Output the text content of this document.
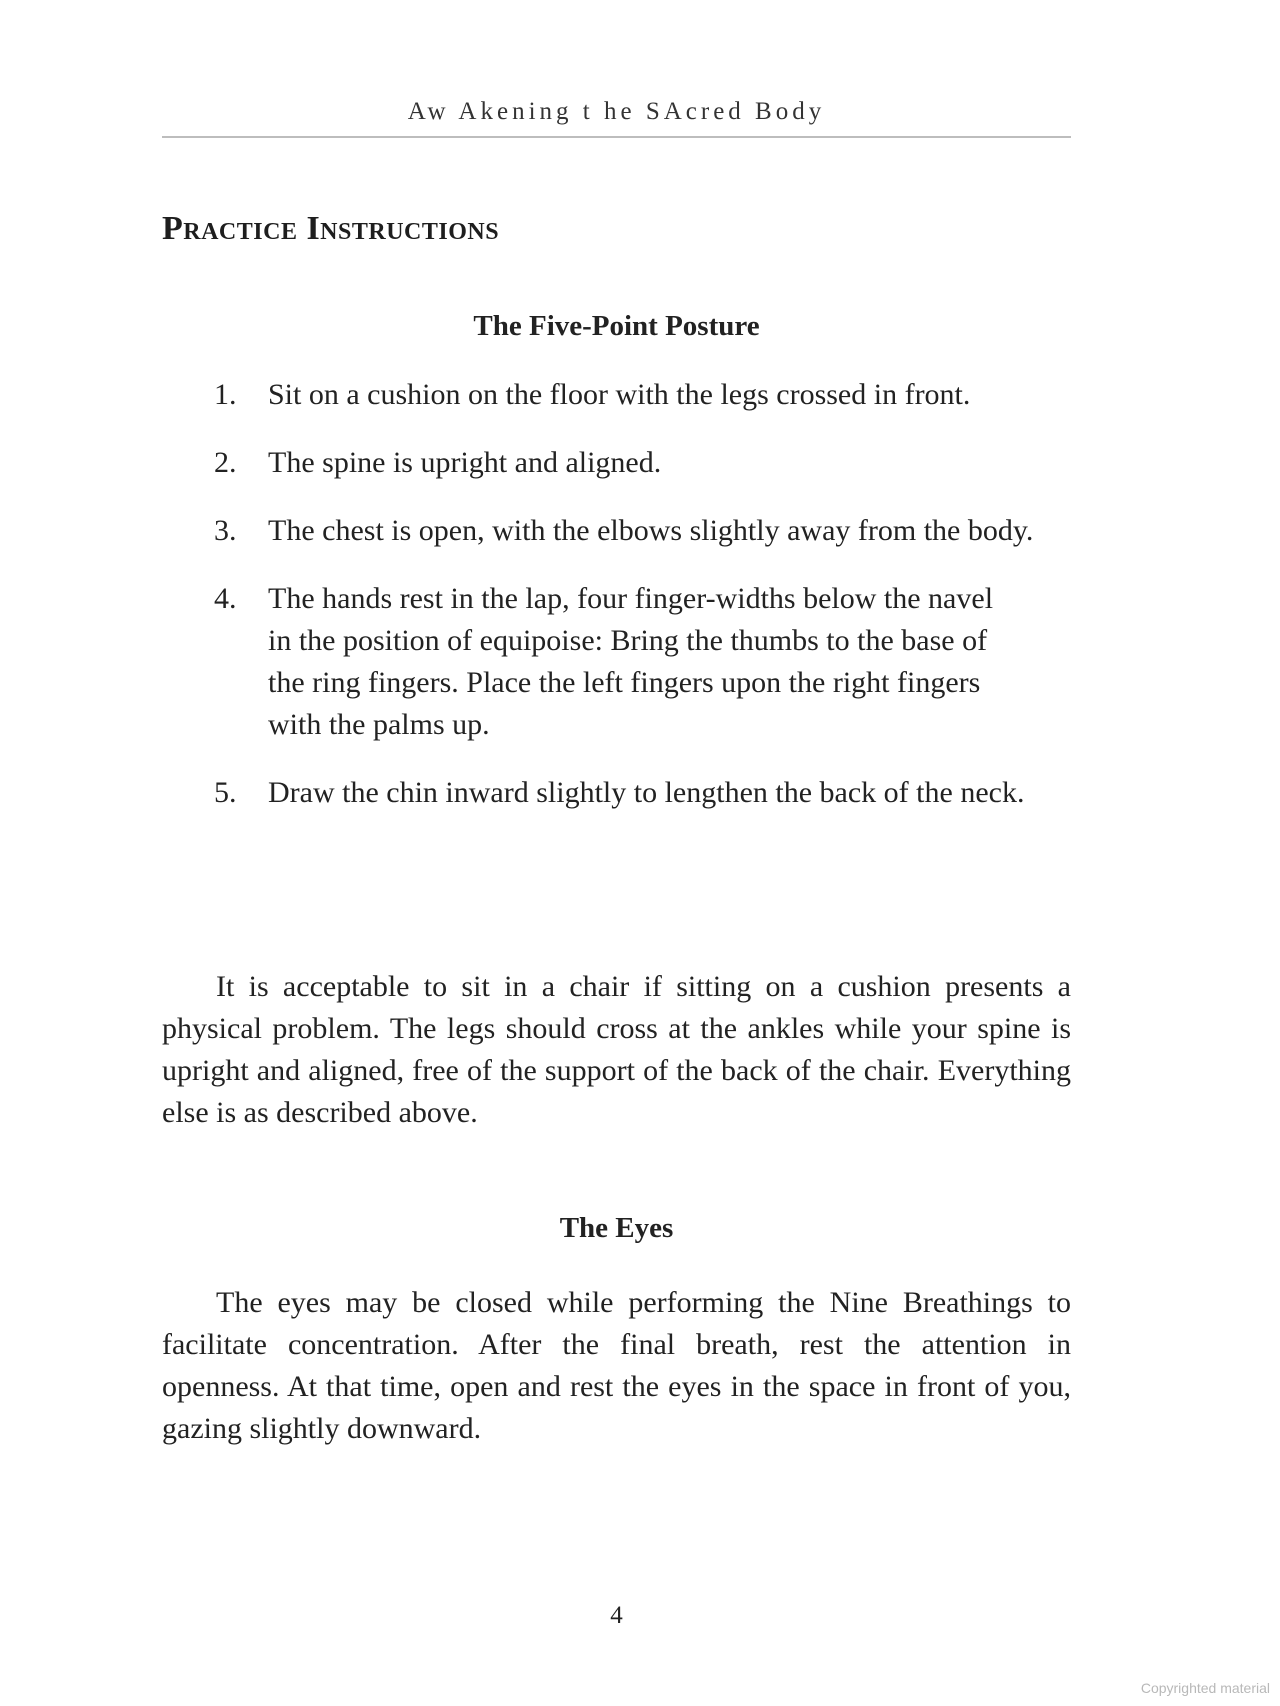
Aw Akening t he SAcred Body
Practice Instructions
The Five-Point Posture
1. Sit on a cushion on the floor with the legs crossed in front.
2. The spine is upright and aligned.
3. The chest is open, with the elbows slightly away from the body.
4. The hands rest in the lap, four finger-widths below the navel in the position of equipoise: Bring the thumbs to the base of the ring fingers. Place the left fingers upon the right fingers with the palms up.
5. Draw the chin inward slightly to lengthen the back of the neck.

It is acceptable to sit in a chair if sitting on a cushion presents a physical problem. The legs should cross at the ankles while your spine is upright and aligned, free of the support of the back of the chair. Everything else is as described above.

The Eyes

The eyes may be closed while performing the Nine Breathings to facilitate concentration. After the final breath, rest the attention in openness. At that time, open and rest the eyes in the space in front of you, gazing slightly downward.

4
Copyrighted material
